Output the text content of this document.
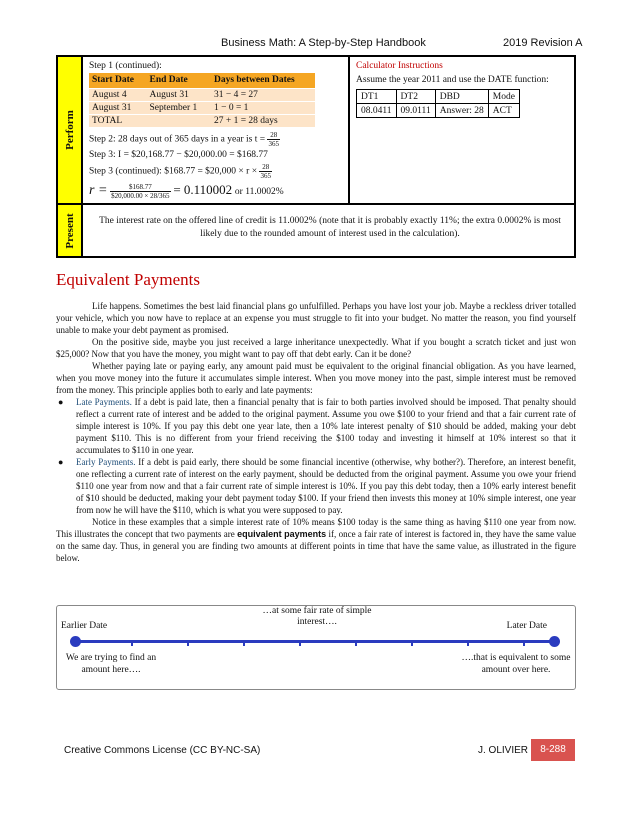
Business Math: A Step-by-Step Handbook	2019 Revision A
Perform
Present
Step 1 (continued):
Start Date	End Date	Days between Dates
August 4	August 31	31 − 4 = 27
August 31	September 1	1 − 0 = 1
TOTAL		27 + 1 = 28 days
Step 2: 28 days out of 365 days in a year is $t = \frac{28}{365}$
Step 3: I = $20,168.77 − $20,000.00 = $168.77
Step 3 (continued): $168.77 = $20,000 × $r \times \frac{28}{365}$
$r = \frac{\$168.77}{\$20,000.00 \times 28/365} = 0.110002$ or 11.0002%
Calculator Instructions
Assume the year 2011 and use the DATE function:
DT1	DT2	DBD	Mode
08.0411	09.0111	Answer: 28	ACT
The interest rate on the offered line of credit is 11.0002% (note that it is probably exactly 11%; the extra 0.0002% is most likely due to the rounded amount of interest used in the calculation).
Equivalent Payments

Life happens. Sometimes the best laid financial plans go unfulfilled. Perhaps you have lost your job. Maybe a reckless driver totalled your vehicle, which you now have to replace at an expense you must struggle to fit into your budget. No matter the reason, you find yourself unable to make your debt payment as promised.

On the positive side, maybe you just received a large inheritance unexpectedly. What if you bought a scratch ticket and just won $25,000? Now that you have the money, you might want to pay off that debt early. Can it be done?

Whether paying late or paying early, any amount paid must be equivalent to the original financial obligation. As you have learned, when you move money into the future it accumulates simple interest. When you move money into the past, simple interest must be removed from the money. This principle applies both to early and late payments:

● Late Payments. If a debt is paid late, then a financial penalty that is fair to both parties involved should be imposed. That penalty should reflect a current rate of interest and be added to the original payment. Assume you owe $100 to your friend and that a fair current rate of simple interest is 10%. If you pay this debt one year late, then a 10% late interest penalty of $10 should be added, making your debt payment $110. This is no different from your friend receiving the $100 today and investing it himself at 10% interest so that it accumulates to $110 in one year.
● Early Payments. If a debt is paid early, there should be some financial incentive (otherwise, why bother?). Therefore, an interest benefit, one reflecting a current rate of interest on the early payment, should be deducted from the original payment. Assume you owe your friend $110 one year from now and that a fair current rate of simple interest is 10%. If you pay this debt today, then a 10% early interest benefit of $10 should be deducted, making your debt payment today $100. If your friend then invests this money at 10% simple interest, one year from now he will have the $110, which is what you were supposed to pay.

Notice in these examples that a simple interest rate of 10% means $100 today is the same thing as having $110 one year from now. This illustrates the concept that two payments are equivalent payments if, once a fair rate of interest is factored in, they have the same value on the same day. Thus, in general you are finding two amounts at different points in time that have the same value, as illustrated in the figure below.

Earlier Date
…at some fair rate of simple interest….	Later Date
We are trying to find an amount here….
….that is equivalent to some amount over here.
Creative Commons License (CC BY-NC-SA)	J. OLIVIER	8-288
